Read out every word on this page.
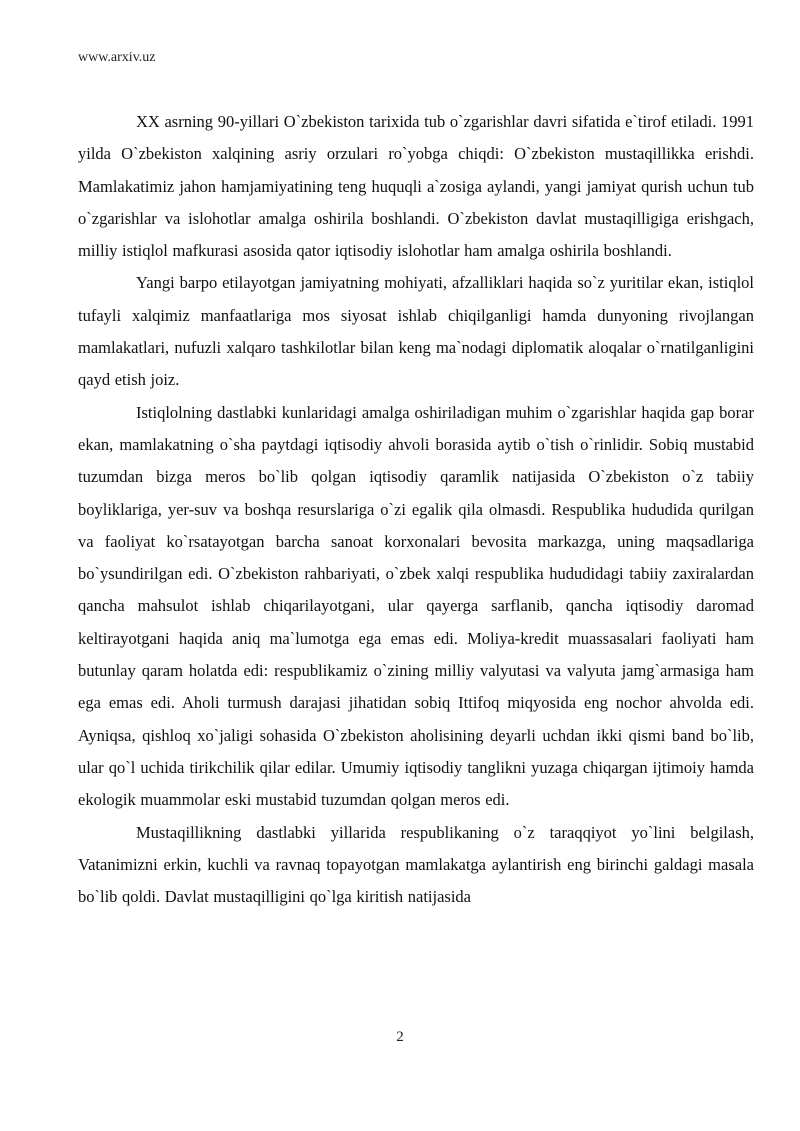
www.arxiv.uz

XX asrning 90-yillari O`zbekiston tarixida tub o`zgarishlar davri sifatida e`tirof etiladi. 1991 yilda O`zbekiston xalqining asriy orzulari ro`yobga chiqdi: O`zbekiston mustaqillikka erishdi. Mamlakatimiz jahon hamjamiyatining teng huquqli a`zosiga aylandi, yangi jamiyat qurish uchun tub o`zgarishlar va islohotlar amalga oshirila boshlandi. O`zbekiston davlat mustaqilligiga erishgach, milliy istiqlol mafkurasi asosida qator iqtisodiy islohotlar ham amalga oshirila boshlandi.

Yangi barpo etilayotgan jamiyatning mohiyati, afzalliklari haqida so`z yuritilar ekan, istiqlol tufayli xalqimiz manfaatlariga mos siyosat ishlab chiqilganligi hamda dunyoning rivojlangan mamlakatlari, nufuzli xalqaro tashkilotlar bilan keng ma`nodagi diplomatik aloqalar o`rnatilganligini qayd etish joiz.

Istiqlolning dastlabki kunlaridagi amalga oshiriladigan muhim o`zgarishlar haqida gap borar ekan, mamlakatning o`sha paytdagi iqtisodiy ahvoli borasida aytib o`tish o`rinlidir. Sobiq mustabid tuzumdan bizga meros bo`lib qolgan iqtisodiy qaramlik natijasida O`zbekiston o`z tabiiy boyliklariga, yer-suv va boshqa resurslariga o`zi egalik qila olmasdi. Respublika hududida qurilgan va faoliyat ko`rsatayotgan barcha sanoat korxonalari bevosita markazga, uning maqsadlariga bo`ysundirilgan edi. O`zbekiston rahbariyati, o`zbek xalqi respublika hududidagi tabiiy zaxiralardan qancha mahsulot ishlab chiqarilayotgani, ular qayerga sarflanib, qancha iqtisodiy daromad keltirayotgani haqida aniq ma`lumotga ega emas edi. Moliya-kredit muassasalari faoliyati ham butunlay qaram holatda edi: respublikamiz o`zining milliy valyutasi va valyuta jamg`armasiga ham ega emas edi. Aholi turmush darajasi jihatidan sobiq Ittifoq miqyosida eng nochor ahvolda edi. Ayniqsa, qishloq xo`jaligi sohasida O`zbekiston aholisining deyarli uchdan ikki qismi band bo`lib, ular qo`l uchida tirikchilik qilar edilar. Umumiy iqtisodiy tanglikni yuzaga chiqargan ijtimoiy hamda ekologik muammolar eski mustabid tuzumdan qolgan meros edi.

Mustaqillikning dastlabki yillarida respublikaning o`z taraqqiyot yo`lini belgilash, Vatanimizni erkin, kuchli va ravnaq topayotgan mamlakatga aylantirish eng birinchi galdagi masala bo`lib qoldi. Davlat mustaqilligini qo`lga kiritish natijasida

2
